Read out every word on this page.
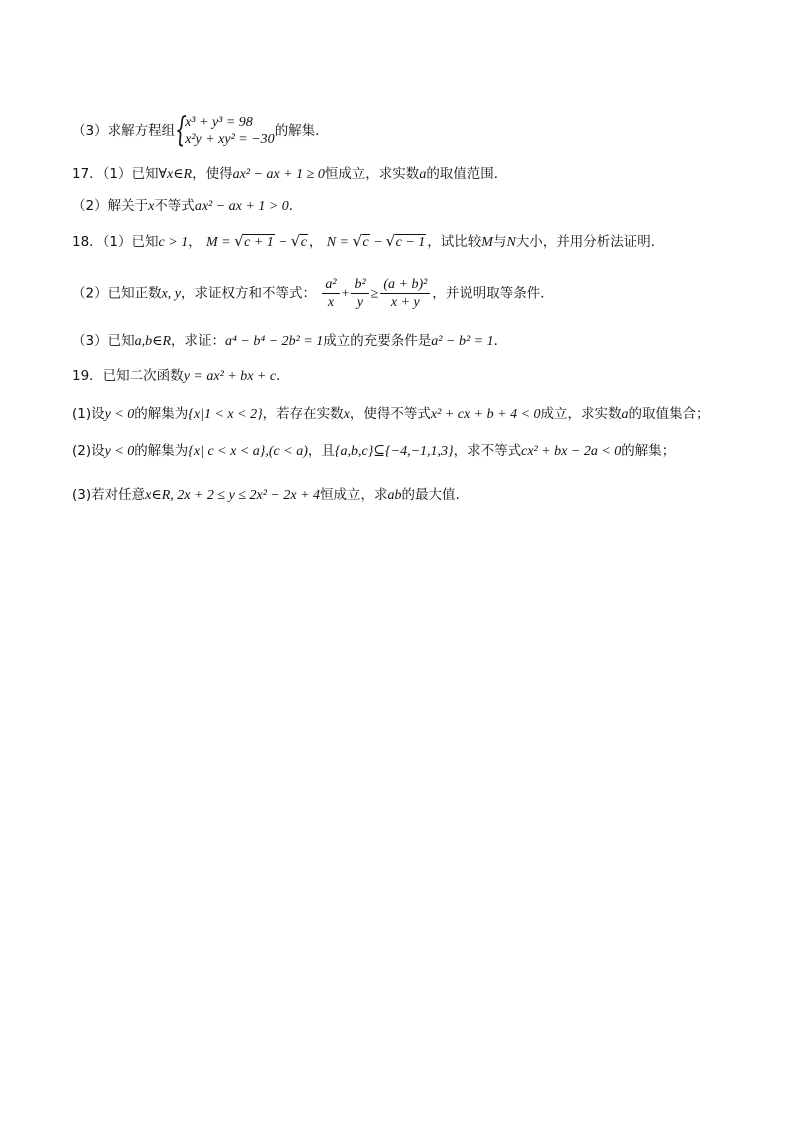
（3）求解方程组 {
x³ + y³ = 98
x²y + xy² = −30
的解集．
17．（1）已知∀x∈R，使得ax² − ax + 1 ≥ 0恒成立，求实数a的取值范围．
（2）解关于x不等式ax² − ax + 1 > 0．
18．（1）已知c > 1， M = √ c + 1 − √ c ， N = √ c − √ c − 1 ，试比较M与N大小，并用分析法证明．
（2）已知正数x, y，求证权方和不等式： $\frac{\text{a²}}{x} + \frac{\text{b²}}{y} \ge \frac{\text{(a + b)²}}{x + y}$ ，并说明取等条件．
（3）已知a,b∈R，求证：a⁴ − b⁴ − 2b² = 1成立的充要条件是a² − b² = 1．
19．已知二次函数y = ax² + bx + c．
(1)设y < 0的解集为{x|1 < x < 2}，若存在实数x，使得不等式x² + cx + b + 4 < 0成立，求实数a的取值集合；
(2)设y < 0的解集为{x| c < x < a},(c < a)，且{a,b,c}⊆{−4,−1,1,3}，求不等式cx² + bx − 2a < 0的解集；
(3)若对任意x∈R, 2x + 2 ≤ y ≤ 2x² − 2x + 4恒成立，求ab的最大值.
